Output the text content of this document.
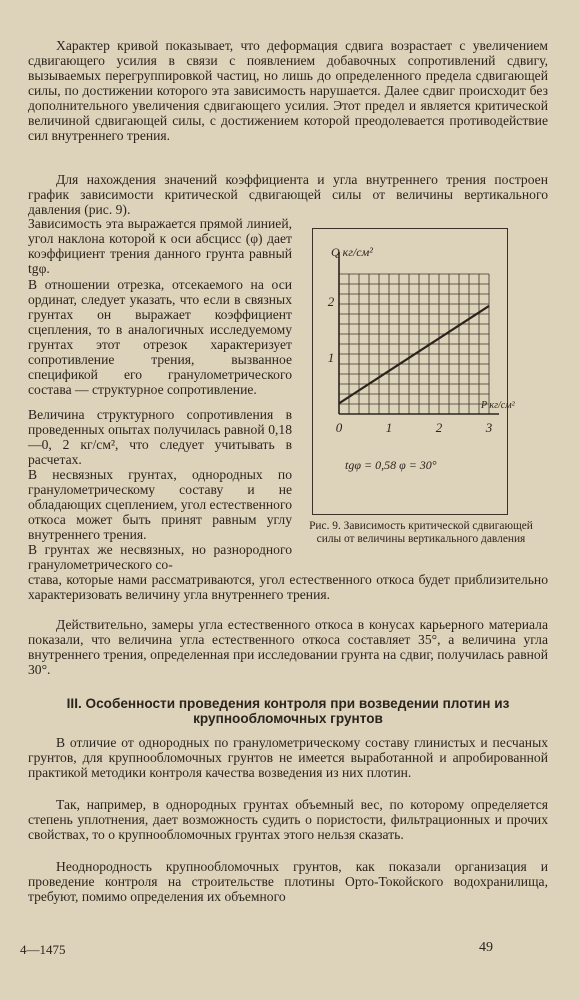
Характер кривой показывает, что деформация сдвига возрастает с увеличением сдвигающего усилия в связи с появлением добавочных сопротивлений сдвигу, вызываемых перегруппировкой частиц, но лишь до определенного предела сдвигающей силы, по достижении которого эта зависимость нарушается. Далее сдвиг происходит без дополнительного увеличения сдвигающего усилия. Этот предел и является критической величиной сдвигающей силы, с достижением которой преодолевается противодействие сил внутреннего трения.
Для нахождения значений коэффициента и угла внутреннего трения построен график зависимости критической сдвигающей силы от величины вертикального давления (рис. 9).
Зависимость эта выражается прямой линией, угол наклона которой к оси абсцисс (φ) дает коэффициент трения данного грунта равный tgφ.
В отношении отрезка, отсекаемого на оси ординат, следует указать, что если в связных грунтах он выражает коэффициент сцепления, то в аналогичных исследуемому грунтах этот отрезок характеризует сопротивление трения, вызванное спецификой его гранулометрического состава — структурное сопротивление.
Величина структурного сопротивления в проведенных опытах получилась равной 0,18—0, 2 кг/см², что следует учитывать в расчетах.
В несвязных грунтах, однородных по гранулометрическому составу и не обладающих сцеплением, угол естественного откоса может быть принят равным углу внутреннего трения.
В грунтах же несвязных, но разнородного гранулометрического со-
става, которые нами рассматриваются, угол естественного откоса будет приблизительно характеризовать величину угла внутреннего трения.
Действительно, замеры угла естественного откоса в конусах карьерного материала показали, что величина угла естественного откоса составляет 35°, а величина угла внутреннего трения, определенная при исследовании грунта на сдвиг, получилась равной 30°.
III. Особенности проведения контроля при возведении плотин из крупнообломочных грунтов
В отличие от однородных по гранулометрическому составу глинистых и песчаных грунтов, для крупнообломочных грунтов не имеется выработанной и апробированной практикой методики контроля качества возведения из них плотин.
Так, например, в однородных грунтах объемный вес, по которому определяется степень уплотнения, дает возможность судить о пористости, фильтрационных и прочих свойствах, то о крупнообломочных грунтах этого нельзя сказать.
Неоднородность крупнообломочных грунтов, как показали организация и проведение контроля на строительстве плотины Орто-Токойского водохранилища, требуют, помимо определения их объемного
0	1	2	3
1
2
Q кг/см²
P кг/см²
tgφ = 0,58 φ = 30°
Рис. 9. Зависимость критической сдвигающей силы от величины вертикального давления
4—1475	49
